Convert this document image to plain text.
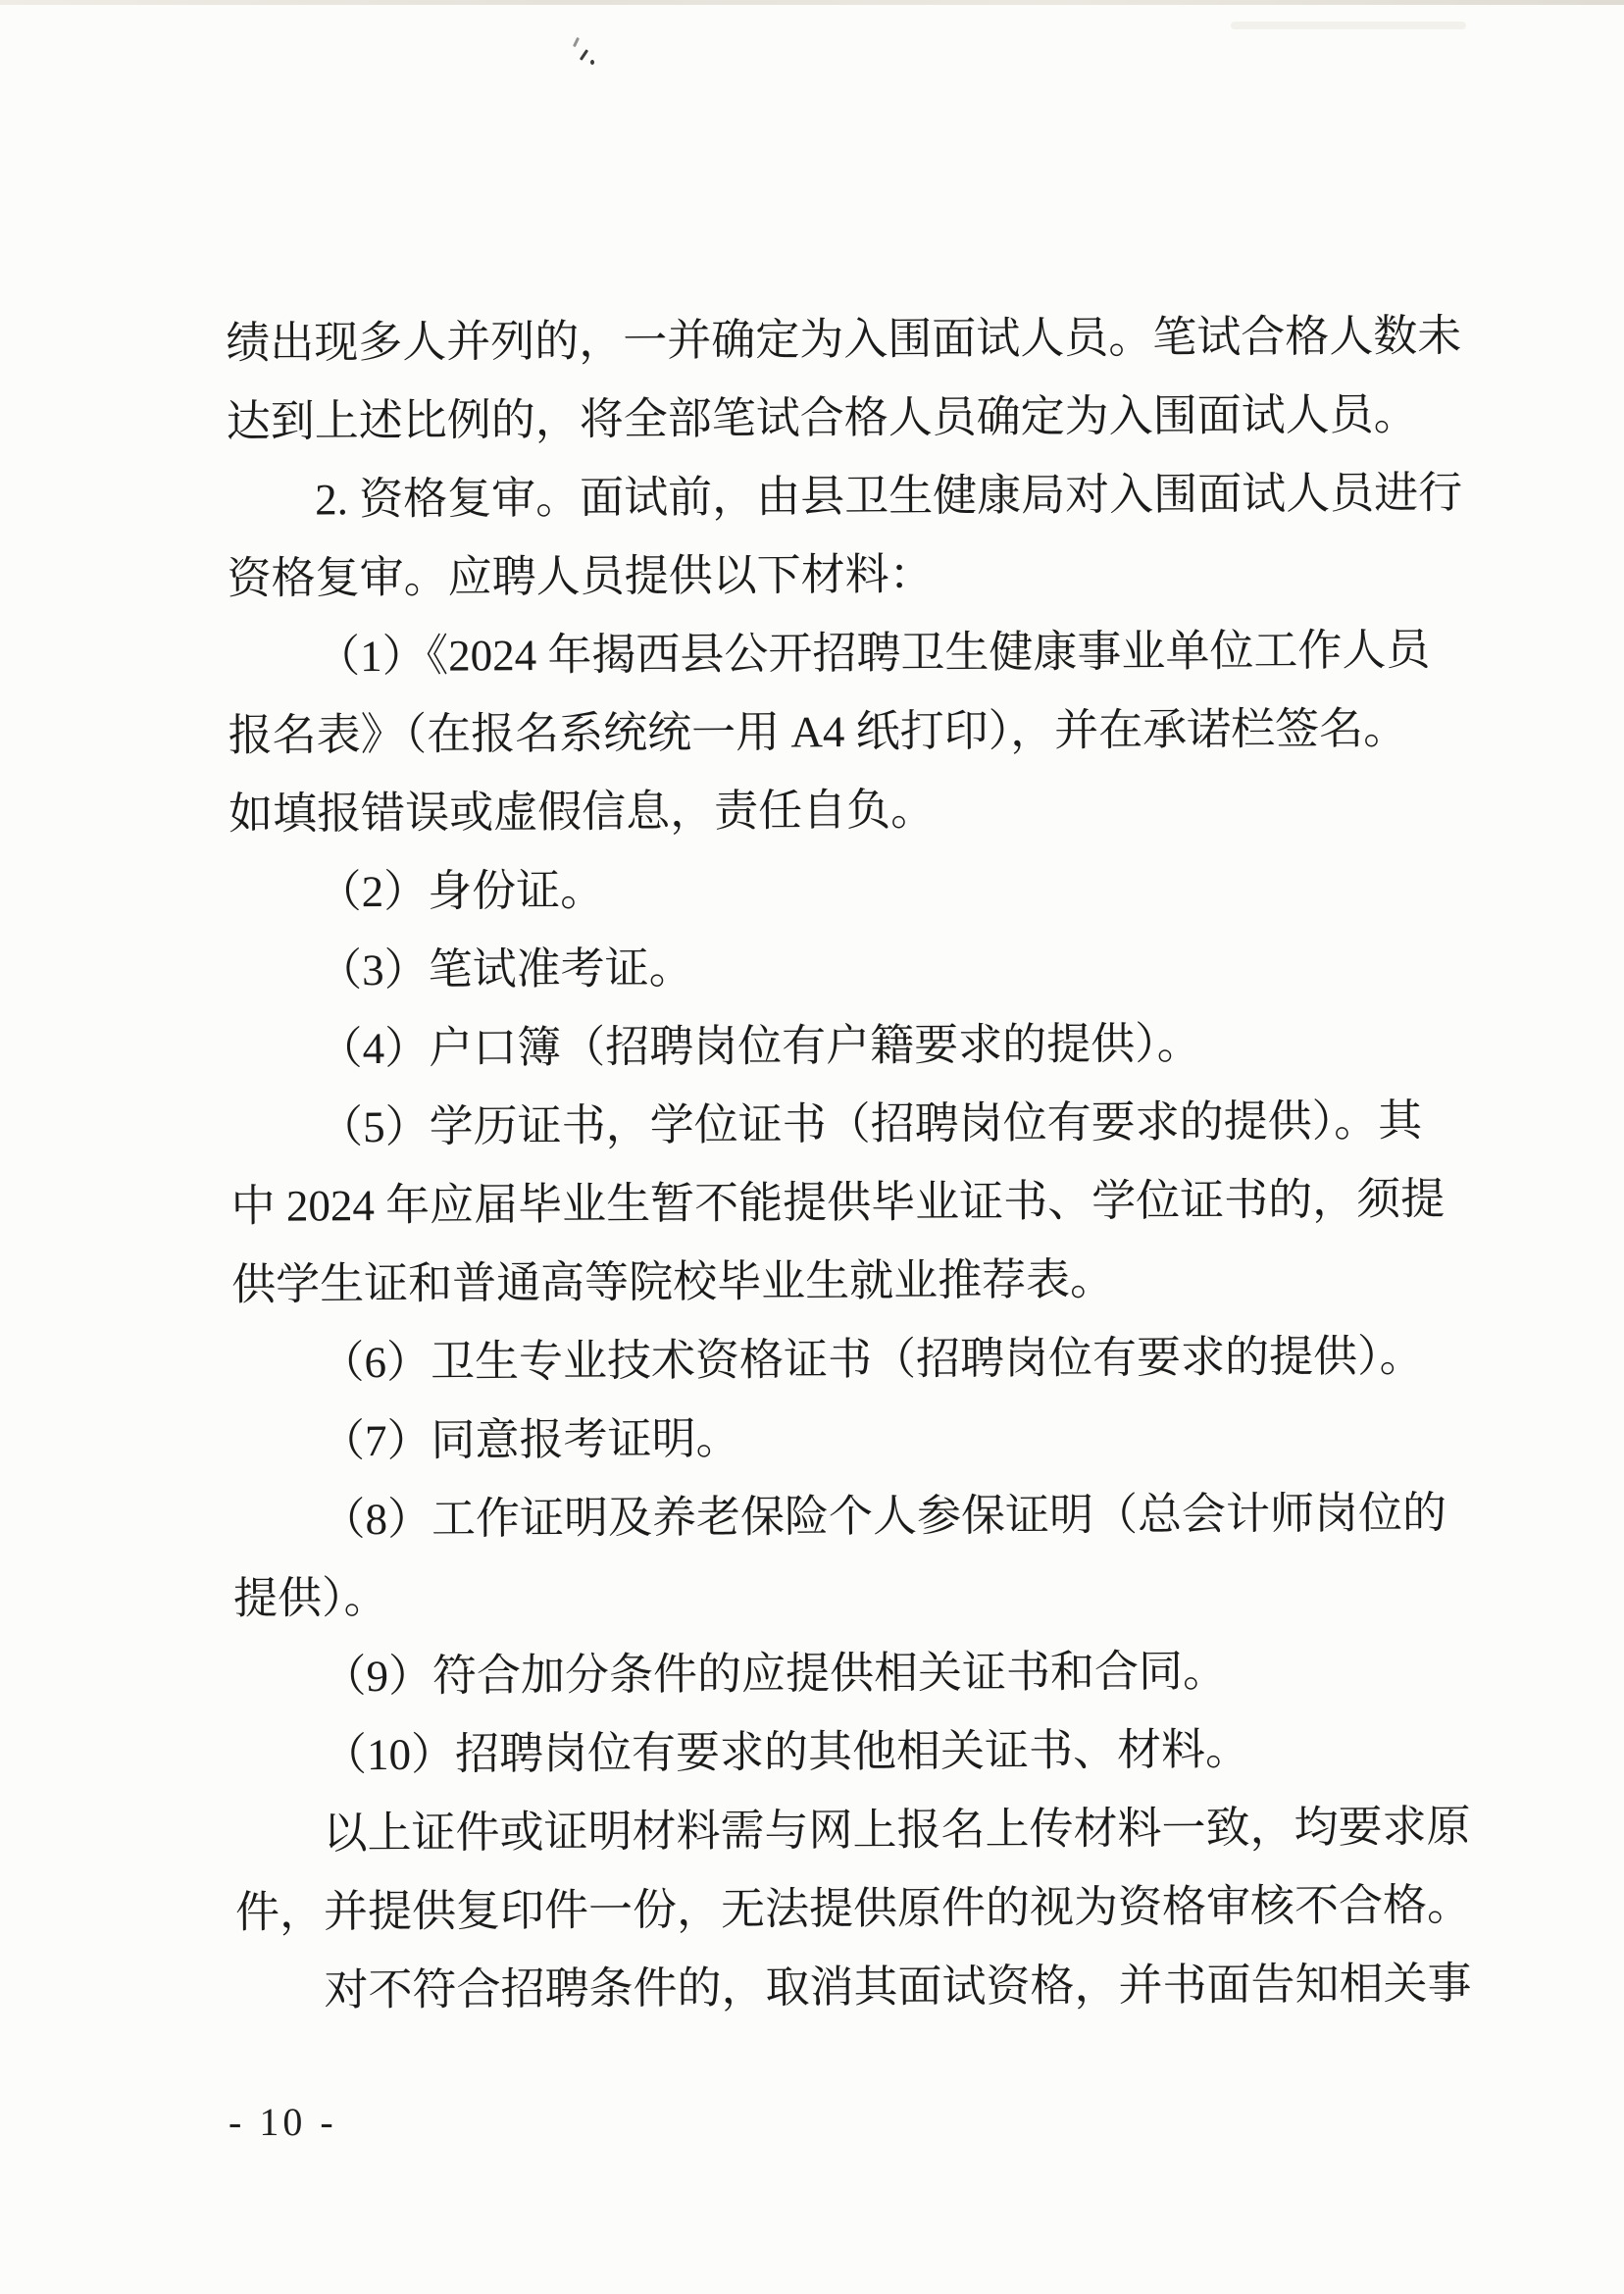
绩出现多人并列的，一并确定为入围面试人员。笔试合格人数未
达到上述比例的，将全部笔试合格人员确定为入围面试人员。
2. 资格复审。面试前，由县卫生健康局对入围面试人员进行
资格复审。应聘人员提供以下材料：
（1）《2024 年揭西县公开招聘卫生健康事业单位工作人员
报名表》（在报名系统统一用 A4 纸打印），并在承诺栏签名。
如填报错误或虚假信息，责任自负。
（2）身份证。
（3）笔试准考证。
（4）户口簿（招聘岗位有户籍要求的提供）。
（5）学历证书，学位证书（招聘岗位有要求的提供）。其
中 2024 年应届毕业生暂不能提供毕业证书、学位证书的，须提
供学生证和普通高等院校毕业生就业推荐表。
（6）卫生专业技术资格证书（招聘岗位有要求的提供）。
（7）同意报考证明。
（8）工作证明及养老保险个人参保证明（总会计师岗位的
提供）。
（9）符合加分条件的应提供相关证书和合同。
（10）招聘岗位有要求的其他相关证书、材料。
以上证件或证明材料需与网上报名上传材料一致，均要求原
件，并提供复印件一份，无法提供原件的视为资格审核不合格。
对不符合招聘条件的，取消其面试资格，并书面告知相关事
- 10 -
